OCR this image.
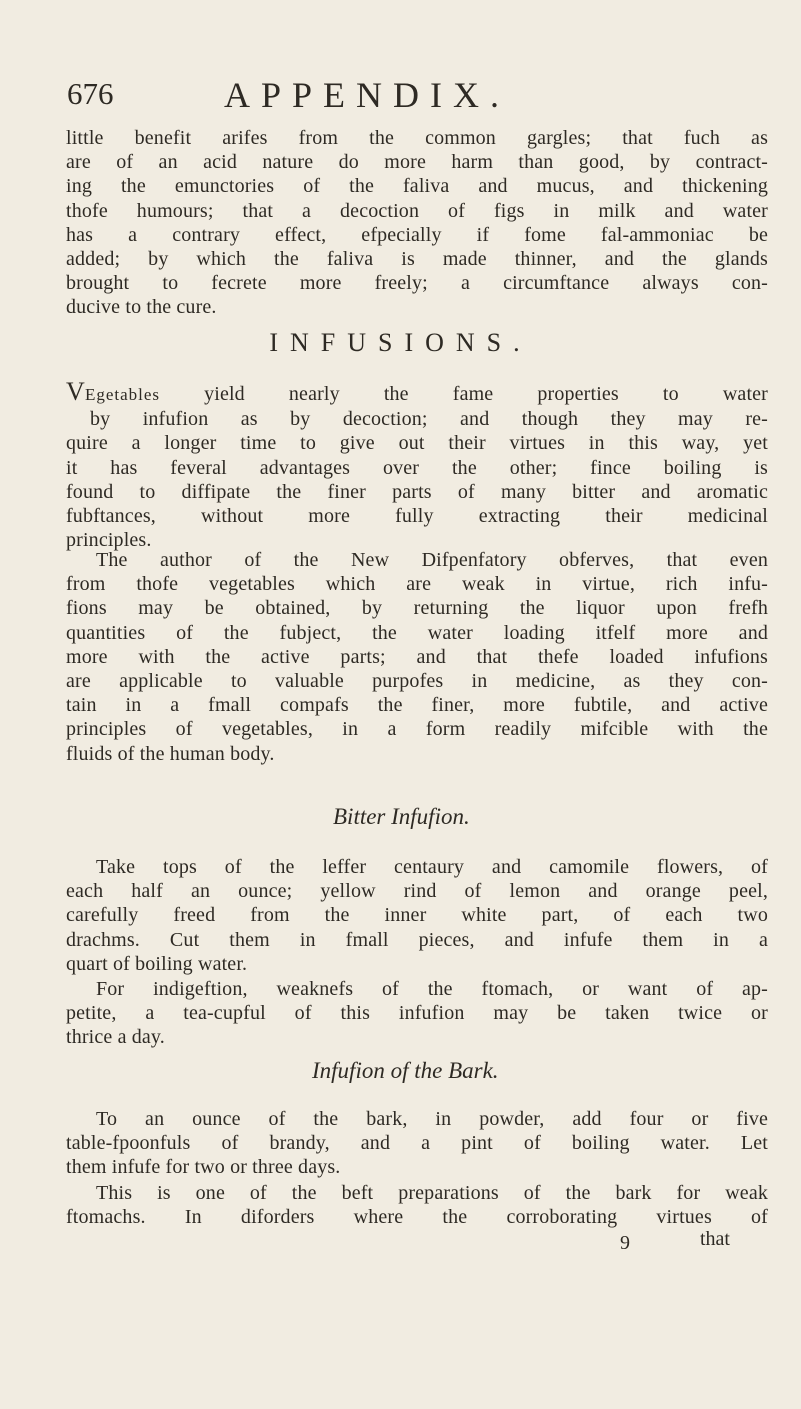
676	APPENDIX.
little benefit arifes from the common gargles; that fuch as
are of an acid nature do more harm than good, by contract-
ing the emunctories of the faliva and mucus, and thickening
thofe humours; that a decoction of figs in milk and water
has a contrary effect, efpecially if fome fal-ammoniac be
added; by which the faliva is made thinner, and the glands
brought to fecrete more freely; a circumftance always con-
ducive to the cure.
INFUSIONS.
VEgetables yield nearly the fame properties to water
by infufion as by decoction; and though they may re-
quire a longer time to give out their virtues in this way, yet
it has feveral advantages over the other; fince boiling is
found to diffipate the finer parts of many bitter and aromatic
fubftances, without more fully extracting their medicinal
principles.
The author of the New Difpenfatory obferves, that even
from thofe vegetables which are weak in virtue, rich infu-
fions may be obtained, by returning the liquor upon frefh
quantities of the fubject, the water loading itfelf more and
more with the active parts; and that thefe loaded infufions
are applicable to valuable purpofes in medicine, as they con-
tain in a fmall compafs the finer, more fubtile, and active
principles of vegetables, in a form readily mifcible with the
fluids of the human body.
Bitter Infufion.
Take tops of the leffer centaury and camomile flowers, of
each half an ounce; yellow rind of lemon and orange peel,
carefully freed from the inner white part, of each two
drachms. Cut them in fmall pieces, and infufe them in a
quart of boiling water.
For indigeftion, weaknefs of the ftomach, or want of ap-
petite, a tea-cupful of this infufion may be taken twice or
thrice a day.
Infufion of the Bark.
To an ounce of the bark, in powder, add four or five
table-fpoonfuls of brandy, and a pint of boiling water. Let
them infufe for two or three days.
This is one of the beft preparations of the bark for weak
ftomachs. In diforders where the corroborating virtues of
9	that
